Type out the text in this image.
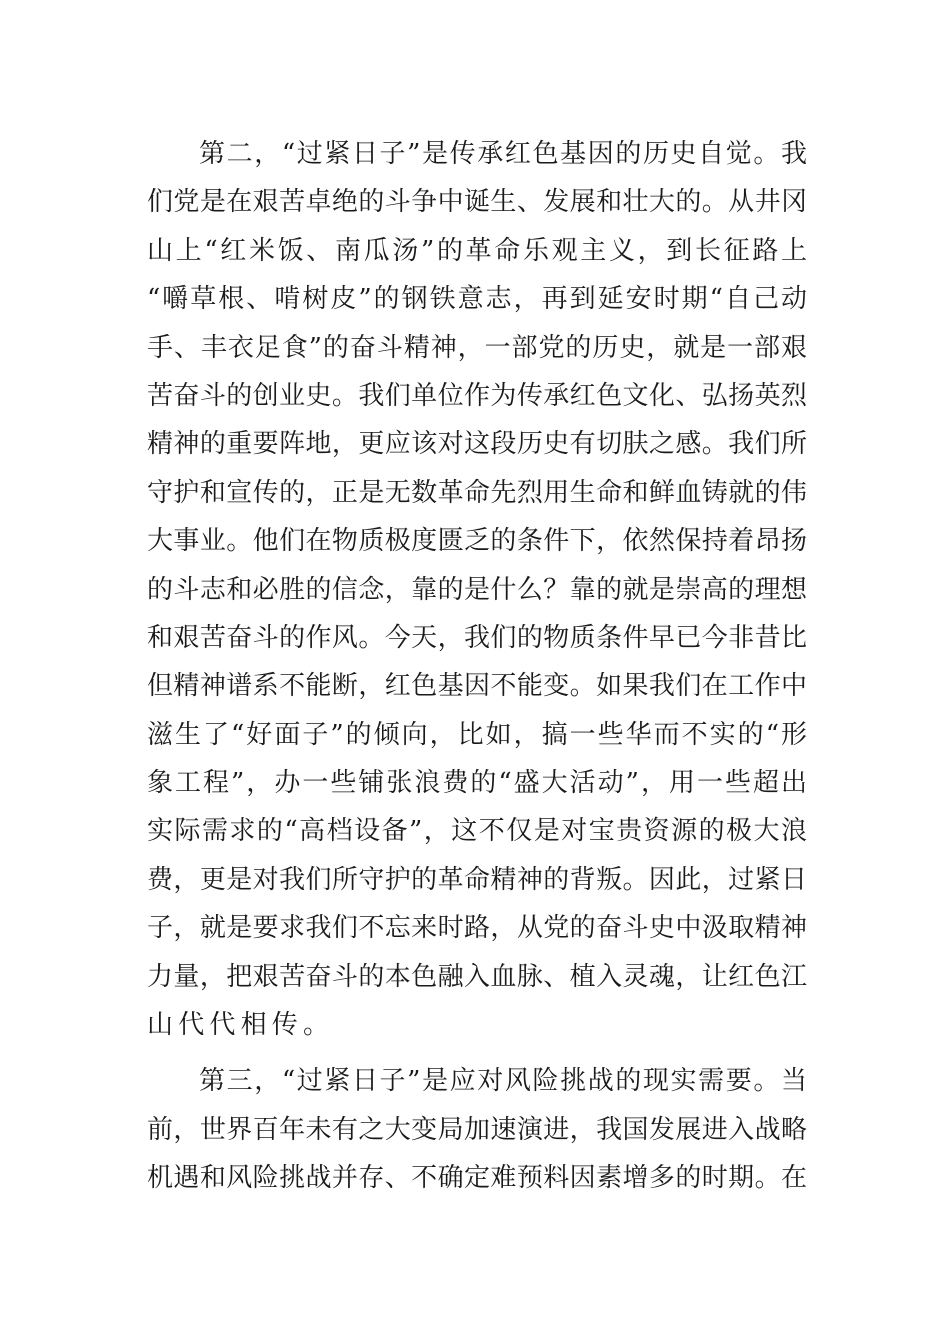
第二，“过紧日子”是传承红色基因的历史自觉。我
们党是在艰苦卓绝的斗争中诞生、发展和壮大的。从井冈
山上“红米饭、南瓜汤”的革命乐观主义，到长征路上
“嚼草根、啃树皮”的钢铁意志，再到延安时期“自己动
手、丰衣足食”的奋斗精神，一部党的历史，就是一部艰
苦奋斗的创业史。我们单位作为传承红色文化、弘扬英烈
精神的重要阵地，更应该对这段历史有切肤之感。我们所
守护和宣传的，正是无数革命先烈用生命和鲜血铸就的伟
大事业。他们在物质极度匮乏的条件下，依然保持着昂扬
的斗志和必胜的信念，靠的是什么？靠的就是崇高的理想
和艰苦奋斗的作风。今天，我们的物质条件早已今非昔比
但精神谱系不能断，红色基因不能变。如果我们在工作中
滋生了“好面子”的倾向，比如，搞一些华而不实的“形
象工程”，办一些铺张浪费的“盛大活动”，用一些超出
实际需求的“高档设备”，这不仅是对宝贵资源的极大浪
费，更是对我们所守护的革命精神的背叛。因此，过紧日
子，就是要求我们不忘来时路，从党的奋斗史中汲取精神
力量，把艰苦奋斗的本色融入血脉、植入灵魂，让红色江
山代代相传。
第三，“过紧日子”是应对风险挑战的现实需要。当
前，世界百年未有之大变局加速演进，我国发展进入战略
机遇和风险挑战并存、不确定难预料因素增多的时期。在
